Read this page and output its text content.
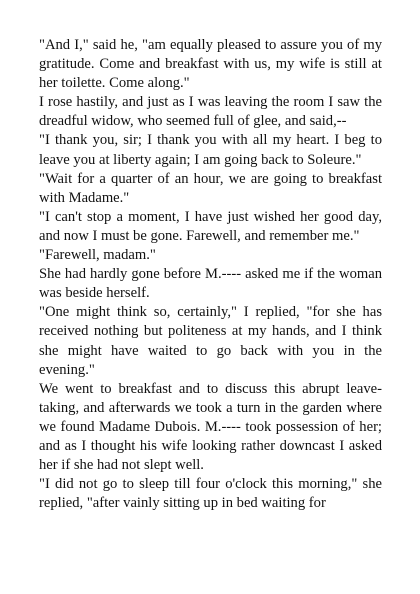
"And I," said he, "am equally pleased to assure you of my gratitude. Come and breakfast with us, my wife is still at her toilette. Come along."

I rose hastily, and just as I was leaving the room I saw the dreadful widow, who seemed full of glee, and said,--

"I thank you, sir; I thank you with all my heart. I beg to leave you at liberty again; I am going back to Soleure."

"Wait for a quarter of an hour, we are going to breakfast with Madame."

"I can't stop a moment, I have just wished her good day, and now I must be gone. Farewell, and remember me."

"Farewell, madam."

She had hardly gone before M.---- asked me if the woman was beside herself.

"One might think so, certainly," I replied, "for she has received nothing but politeness at my hands, and I think she might have waited to go back with you in the evening."

We went to breakfast and to discuss this abrupt leave-taking, and afterwards we took a turn in the garden where we found Madame Dubois. M.---- took possession of her; and as I thought his wife looking rather downcast I asked her if she had not slept well.

"I did not go to sleep till four o'clock this morning," she replied, "after vainly sitting up in bed waiting for
